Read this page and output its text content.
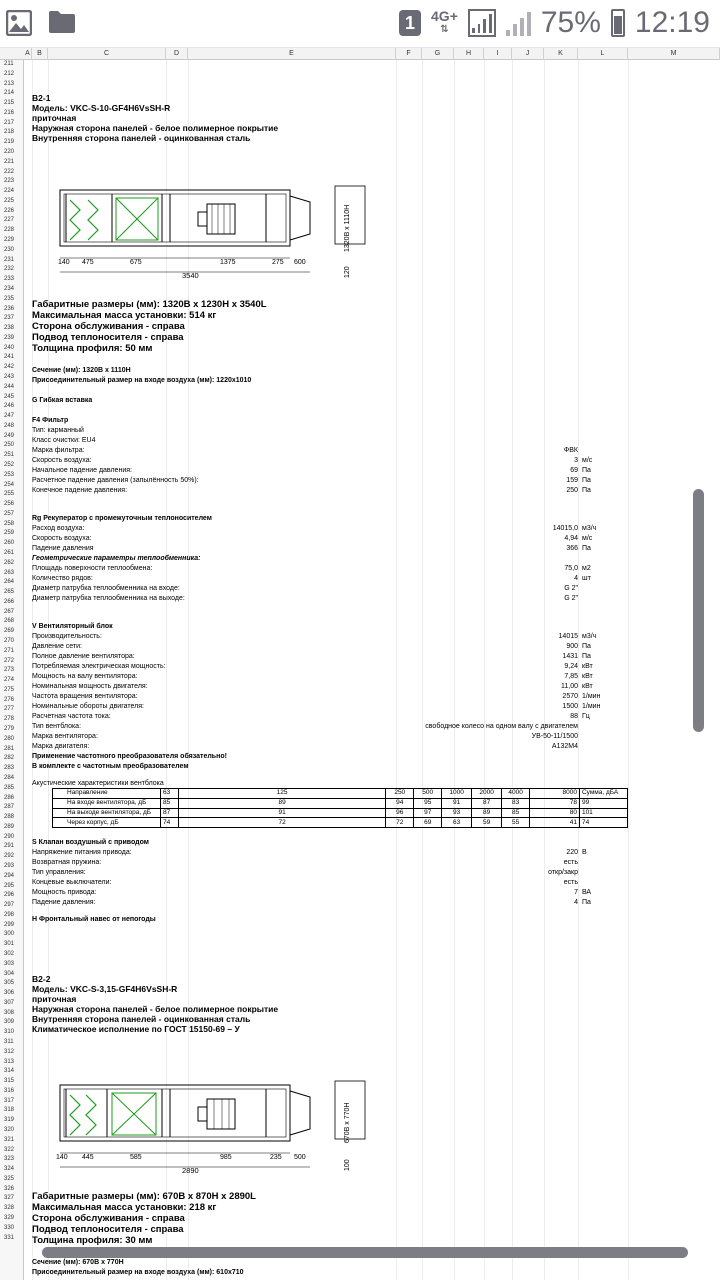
1	4G+
⇅	75% 12:19
A	B	C	D	E	F	G	H	I	J	K	L	M
211
212
213
214
215
216
217
218
219
220
221
222
223
224
225
226
227
228
229
230
231
232
233
234
235
236
237
238
239
240
241
242
243
244
245
246
247
248
249
250
251
252
253
254
255
256
257
258
259
260
261
262
263
264
265
266
267
268
269
270
271
272
273
274
275
276
277
278
279
280
281
282
283
284
285
286
287
288
289
290
291
292
293
294
295
296
297
298
299
300
301
302
303
304
305
306
307
308
309
310
311
312
313
314
315
316
317
318
319
320
321
322
323
324
325
326
327
328
329
330
331
B2-1
Модель: VKC-S-10-GF4H6VsSH-R
приточная
Наружная сторона панелей - белое полимерное покрытие
Внутренняя сторона панелей - оцинкованная сталь
140 475	675	1375	275 600
3540
1320В x 1110Н
120
Габаритные размеры (мм): 1320В x 1230Н x 3540L
Максимальная масса установки: 514 кг
Сторона обслуживания - справа
Подвод теплоносителя - справа
Толщина профиля: 50 мм
Сечение (мм): 1320В x 1110Н
Присоединительный размер на входе воздуха (мм): 1220x1010
G Гибкая вставка
F4 Фильтр
Тип: карманный
Класс очистки: EU4
Марка фильтра:	ФВК
Скорость воздуха:	3 м/с
Начальное падение давления:	69 Па
Расчетное падение давления (запылённость 50%):	159 Па
Конечное падение давления:	250 Па
Rg Рекуператор с промежуточным теплоносителем
Расход воздуха:	14015,0 м3/ч
Скорость воздуха:	4,94 м/с
Падение давления	366 Па
Геометрические параметры теплообменника:
Площадь поверхности теплообмена:	75,0 м2
Количество рядов:	4 шт
Диаметр патрубка теплообменника на входе:	G 2"
Диаметр патрубка теплообменника на выходе:	G 2"
V Вентиляторный блок
Производительность:	14015 м3/ч
Давление сети:	900 Па
Полное давление вентилятора:	1431 Па
Потребляемая электрическая мощность:	9,24 кВт
Мощность на валу вентилятора:	7,85 кВт
Номинальная мощность двигателя:	11,00 кВт
Частота вращения вентилятора:	2570 1/мин
Номинальные обороты двигателя:	1500 1/мин
Расчетная частота тока:	88 Гц
Тип вентблока:	свободное колесо на одном валу с двигателем
Марка вентилятора:	УВ-50-11/1500
Марка двигателя:	А132М4
Применение частотного преобразователя обязательно!
В комплекте с частотным преобразователем
Акустические характеристики вентблока
Направление	63	125	250	500	1000	2000	4000	8000	Сумма, дБА
На входе вентилятора, дБ	85	89	94	95	91	87	83	78	99
На выходе вентилятора, дБ	87	91	96	97	93	89	85	80	101
Через корпус, дБ	74	72	72	69	63	59	55	41	74
S Клапан воздушный с приводом
Напряжение питания привода:	220 В
Возвратная пружина:	есть
Тип управления:	откр/закр
Концевые выключатели:	есть
Мощность привода:	7 ВА
Падение давления:	4 Па
H Фронтальный навес от непогоды
B2-2
Модель: VKC-S-3,15-GF4H6VsSH-R
приточная
Наружная сторона панелей - белое полимерное покрытие
Внутренняя сторона панелей - оцинкованная сталь
Климатическое исполнение по ГОСТ 15150-69 – У
140 445	585	985	235 500
2890
670В x 770Н
100
Габаритные размеры (мм): 670В x 870Н x 2890L
Максимальная масса установки: 218 кг
Сторона обслуживания - справа
Подвод теплоносителя - справа
Толщина профиля: 30 мм
Сечение (мм): 670В x 770Н
Присоединительный размер на входе воздуха (мм): 610x710
